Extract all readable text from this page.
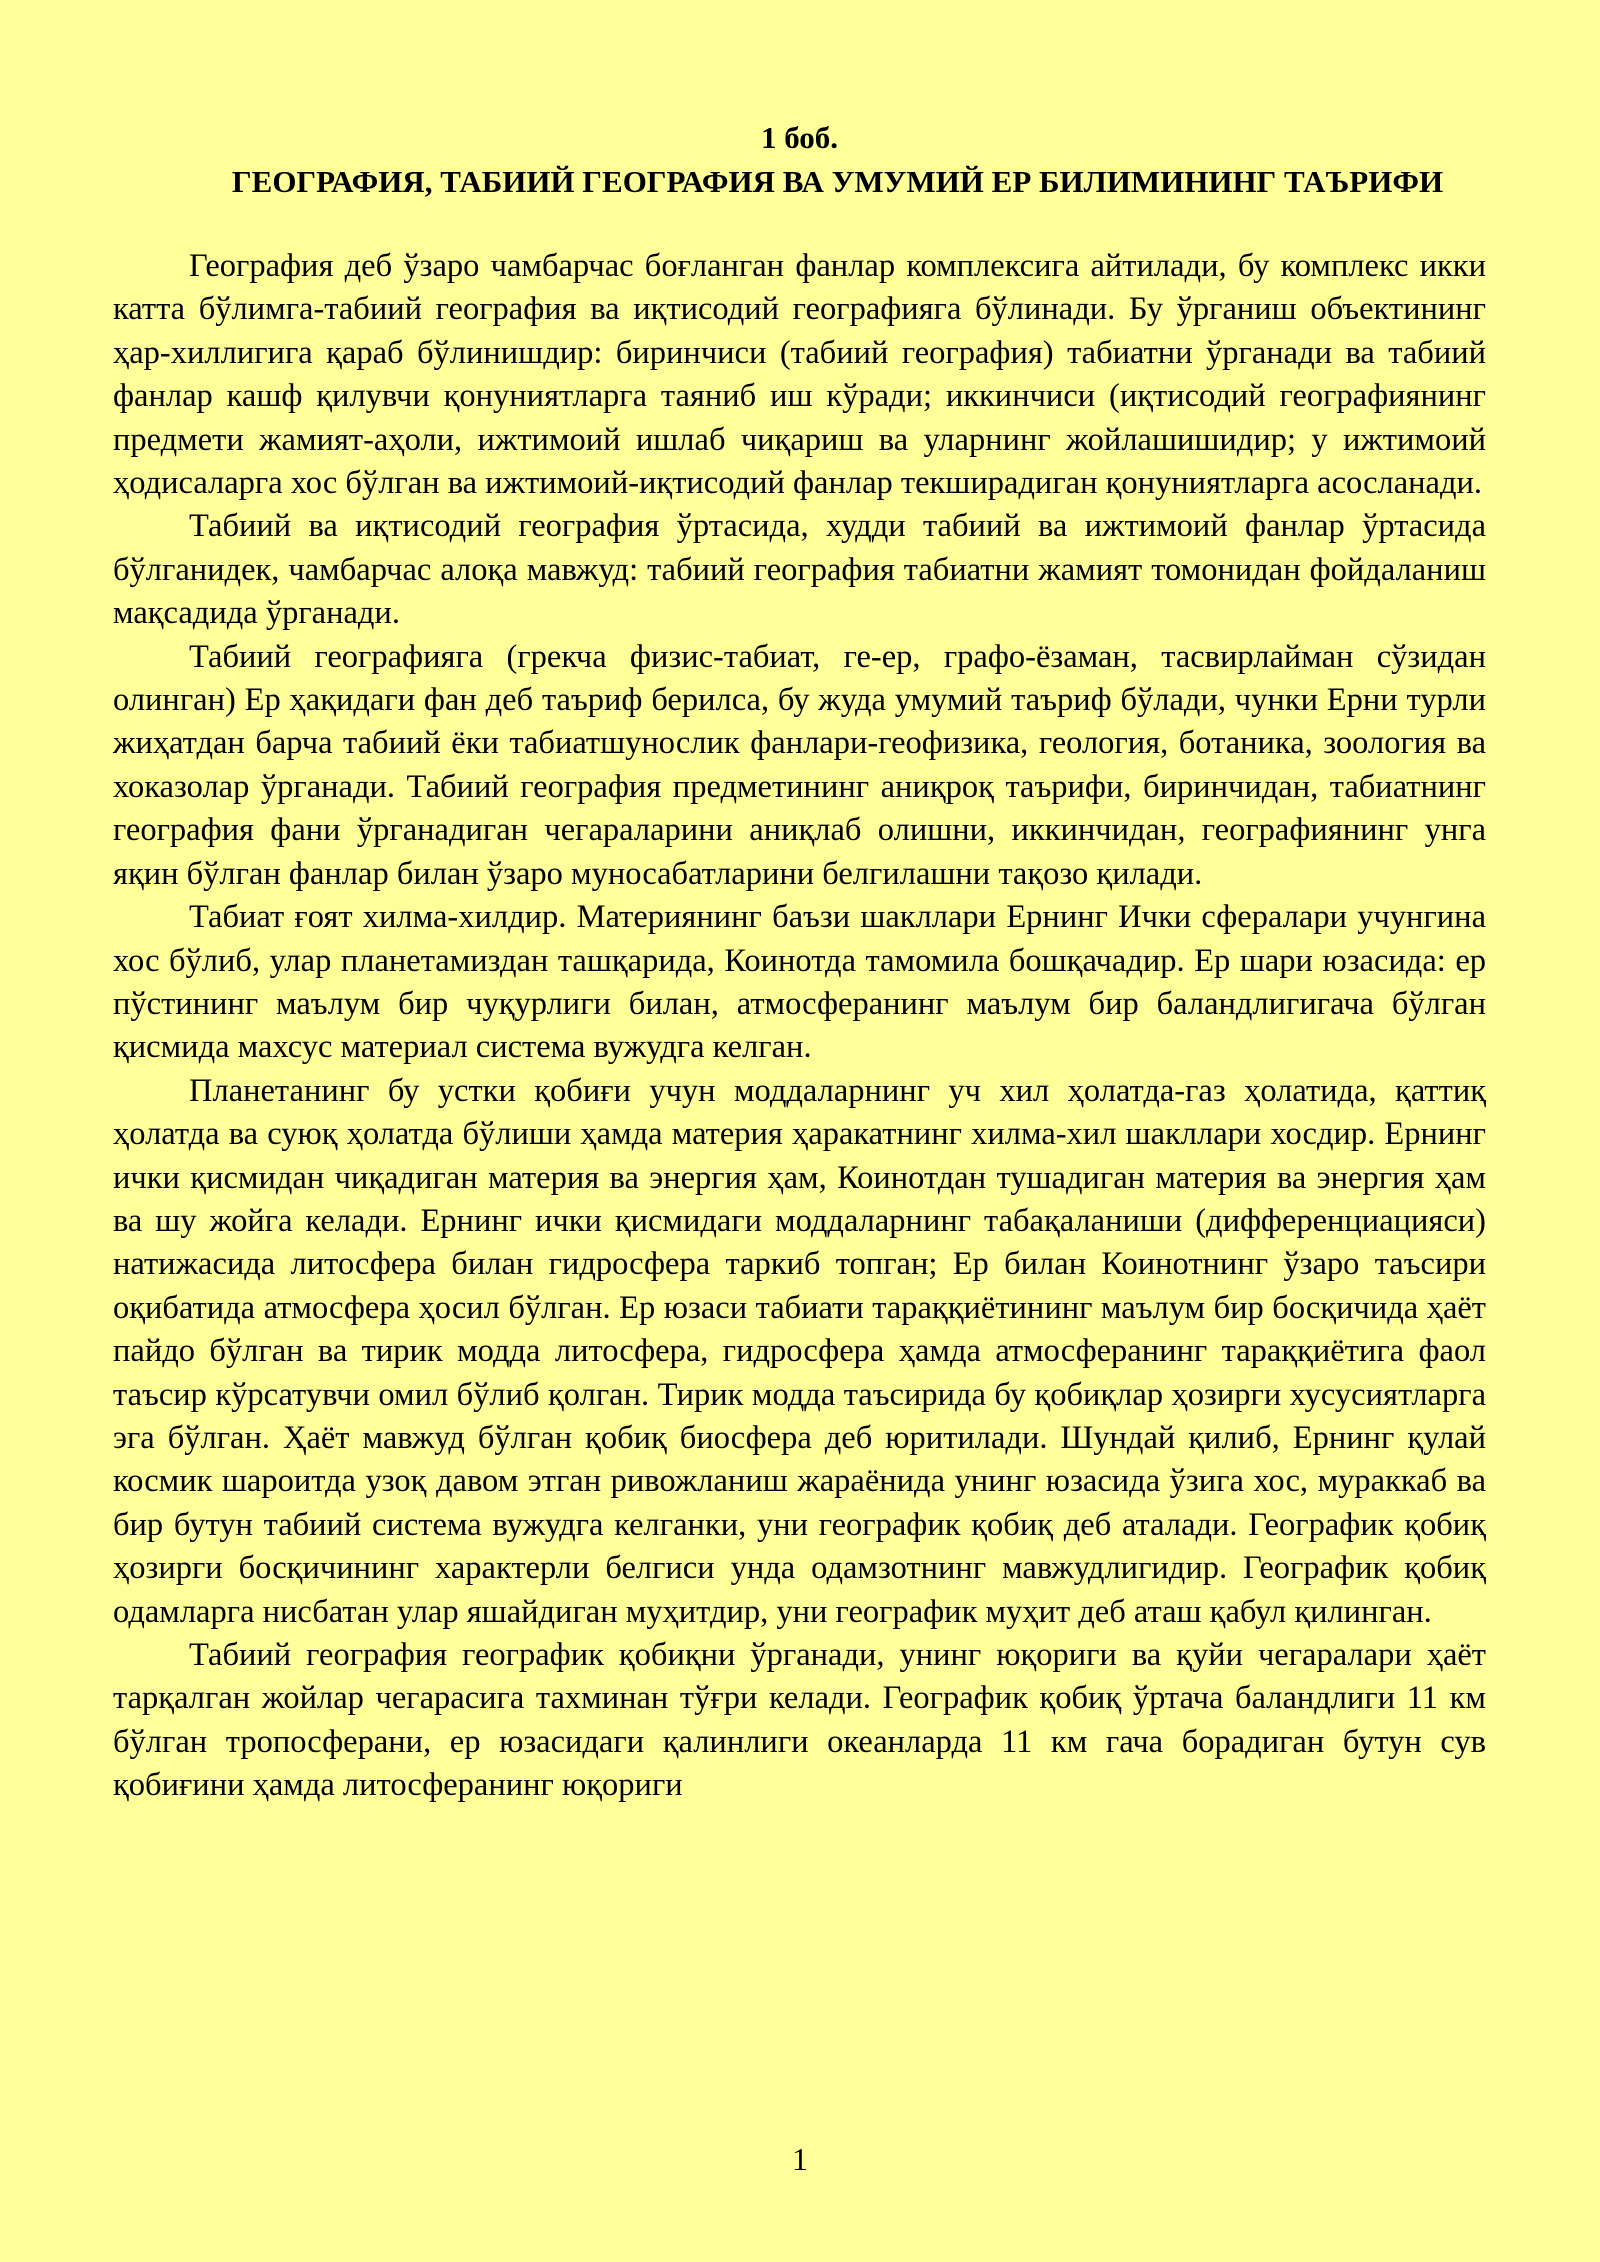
1 боб.
ГЕОГРАФИЯ, ТАБИИЙ ГЕОГРАФИЯ ВА УМУМИЙ ЕР БИЛИМИНИНГ ТАЪРИФИ

География деб ўзаро чамбарчас боғланган фанлар комплексига айтилади, бу комплекс икки катта бўлимга-табиий география ва иқтисодий географияга бўлинади. Бу ўрганиш объектининг ҳар-хиллигига қараб бўлинишдир: биринчиси (табиий география) табиатни ўрганади ва табиий фанлар кашф қилувчи қонуниятларга таяниб иш кўради; иккинчиси (иқтисодий географиянинг предмети жамият-аҳоли, ижтимоий ишлаб чиқариш ва уларнинг жойлашишидир; у ижтимоий ҳодисаларга хос бўлган ва ижтимоий-иқтисодий фанлар текширадиган қонуниятларга асосланади.

Табиий ва иқтисодий география ўртасида, худди табиий ва ижтимоий фанлар ўртасида бўлганидек, чамбарчас алоқа мавжуд: табиий география табиатни жамият томонидан фойдаланиш мақсадида ўрганади.

Табиий географияга (грекча физис-табиат, ге-ер, графо-ёзаман, тасвирлайман сўзидан олинган) Ер ҳақидаги фан деб таъриф берилса, бу жуда умумий таъриф бўлади, чунки Ерни турли жиҳатдан барча табиий ёки табиатшунослик фанлари-геофизика, геология, ботаника, зоология ва хоказолар ўрганади. Табиий география предметининг аниқроқ таърифи, биринчидан, табиатнинг география фани ўрганадиган чегараларини аниқлаб олишни, иккинчидан, географиянинг унга яқин бўлган фанлар билан ўзаро муносабатларини белгилашни тақозо қилади.

Табиат ғоят хилма-хилдир. Материянинг баъзи шакллари Ернинг Ички сфералари учунгина хос бўлиб, улар планетамиздан ташқарида, Коинотда тамомила бошқачадир. Ер шари юзасида: ер пўстининг маълум бир чуқурлиги билан, атмосферанинг маълум бир баландлигигача бўлган қисмида махсус материал система вужудга келган.

Планетанинг бу устки қобиғи учун моддаларнинг уч хил ҳолатда-газ ҳолатида, қаттиқ ҳолатда ва суюқ ҳолатда бўлиши ҳамда материя ҳаракатнинг хилма-хил шакллари хосдир. Ернинг ички қисмидан чиқадиган материя ва энергия ҳам, Коинотдан тушадиган материя ва энергия ҳам ва шу жойга келади. Ернинг ички қисмидаги моддаларнинг табақаланиши (дифференциацияси) натижасида литосфера билан гидросфера таркиб топган; Ер билан Коинотнинг ўзаро таъсири оқибатида атмосфера ҳосил бўлган. Ер юзаси табиати тараққиётининг маълум бир босқичида ҳаёт пайдо бўлган ва тирик модда литосфера, гидросфера ҳамда атмосферанинг тараққиётига фаол таъсир кўрсатувчи омил бўлиб қолган. Тирик модда таъсирида бу қобиқлар ҳозирги хусусиятларга эга бўлган. Ҳаёт мавжуд бўлган қобиқ биосфера деб юритилади. Шундай қилиб, Ернинг қулай космик шароитда узоқ давом этган ривожланиш жараёнида унинг юзасида ўзига хос, мураккаб ва бир бутун табиий система вужудга келганки, уни географик қобиқ деб аталади. Географик қобиқ ҳозирги босқичининг характерли белгиси унда одамзотнинг мавжудлигидир. Географик қобиқ одамларга нисбатан улар яшайдиган муҳитдир, уни географик муҳит деб аташ қабул қилинган.

Табиий география географик қобиқни ўрганади, унинг юқориги ва қуйи чегаралари ҳаёт тарқалган жойлар чегарасига тахминан тўғри келади. Географик қобиқ ўртача баландлиги 11 км бўлган тропосферани, ер юзасидаги қалинлиги океанларда 11 км гача борадиган бутун сув қобиғини ҳамда литосферанинг юқориги

1
